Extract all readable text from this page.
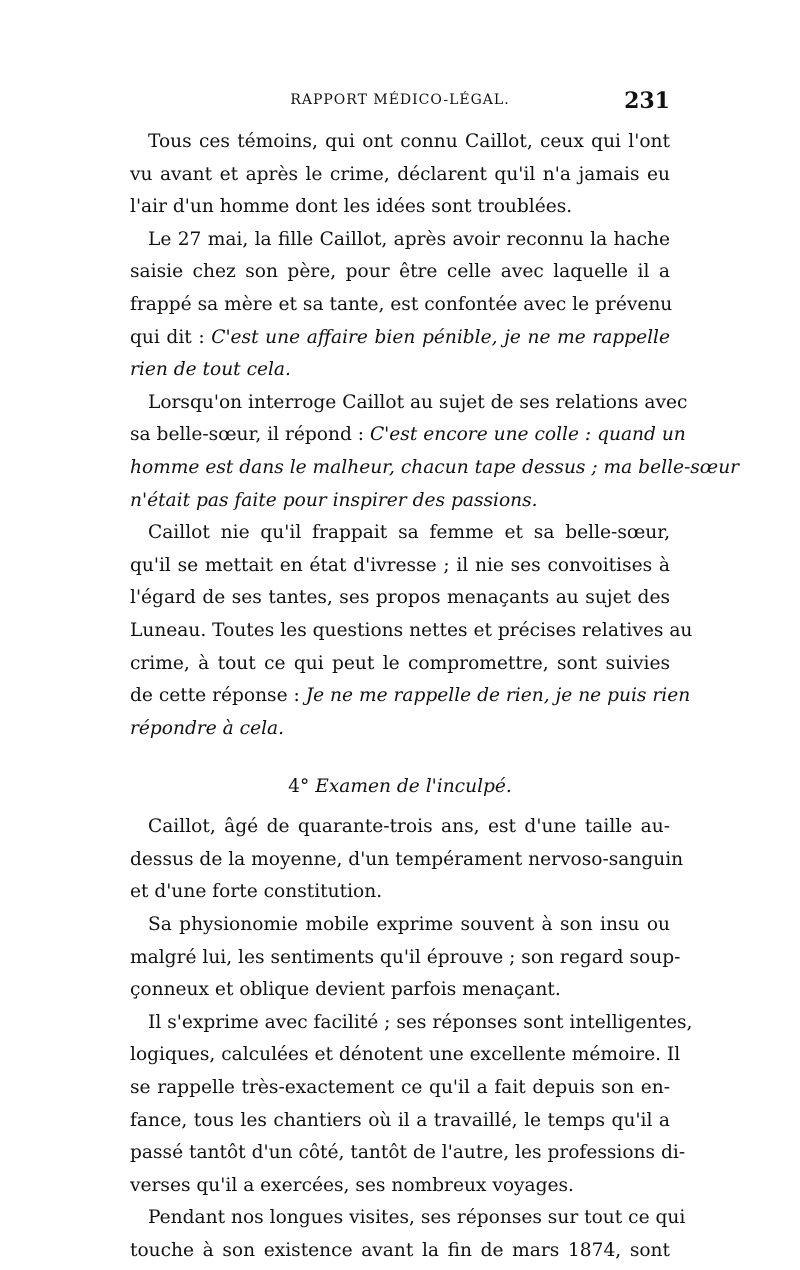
RAPPORT MÉDICO-LÉGAL.	231
Tous ces témoins, qui ont connu Caillot, ceux qui l'ont
vu avant et après le crime, déclarent qu'il n'a jamais eu
l'air d'un homme dont les idées sont troublées.
Le 27 mai, la fille Caillot, après avoir reconnu la hache
saisie chez son père, pour être celle avec laquelle il a
frappé sa mère et sa tante, est confontée avec le prévenu
qui dit : C'est une affaire bien pénible, je ne me rappelle
rien de tout cela.
Lorsqu'on interroge Caillot au sujet de ses relations avec
sa belle-sœur, il répond : C'est encore une colle : quand un
homme est dans le malheur, chacun tape dessus ; ma belle-sœur
n'était pas faite pour inspirer des passions.
Caillot nie qu'il frappait sa femme et sa belle-sœur,
qu'il se mettait en état d'ivresse ; il nie ses convoitises à
l'égard de ses tantes, ses propos menaçants au sujet des
Luneau. Toutes les questions nettes et précises relatives au
crime, à tout ce qui peut le compromettre, sont suivies
de cette réponse : Je ne me rappelle de rien, je ne puis rien
répondre à cela.
4° Examen de l'inculpé.
Caillot, âgé de quarante-trois ans, est d'une taille au-
dessus de la moyenne, d'un tempérament nervoso-sanguin
et d'une forte constitution.
Sa physionomie mobile exprime souvent à son insu ou
malgré lui, les sentiments qu'il éprouve ; son regard soup-
çonneux et oblique devient parfois menaçant.
Il s'exprime avec facilité ; ses réponses sont intelligentes,
logiques, calculées et dénotent une excellente mémoire. Il
se rappelle très-exactement ce qu'il a fait depuis son en-
fance, tous les chantiers où il a travaillé, le temps qu'il a
passé tantôt d'un côté, tantôt de l'autre, les professions di-
verses qu'il a exercées, ses nombreux voyages.
Pendant nos longues visites, ses réponses sur tout ce qui
touche à son existence avant la fin de mars 1874, sont
